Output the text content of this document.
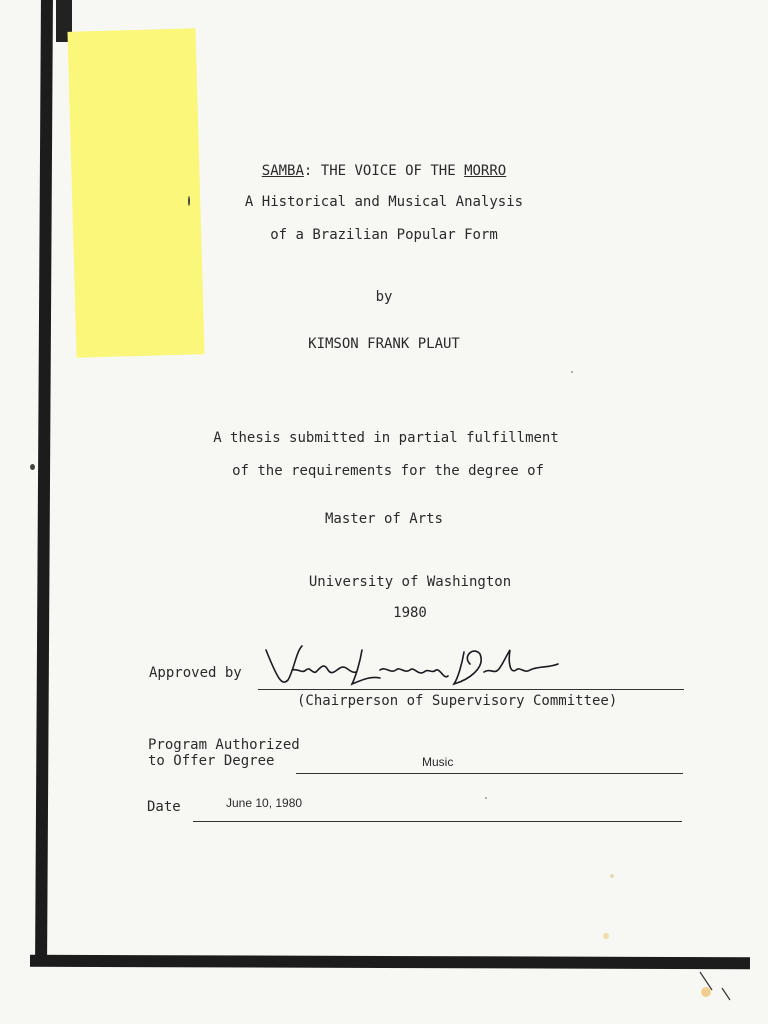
SAMBA: THE VOICE OF THE MORRO
A Historical and Musical Analysis
of a Brazilian Popular Form
by
KIMSON FRANK PLAUT
A thesis submitted in partial fulfillment
of the requirements for the degree of
Master of Arts
University of Washington
1980
Approved by
(Chairperson of Supervisory Committee)
Program Authorized
to Offer Degree	Music
Date	June 10, 1980
